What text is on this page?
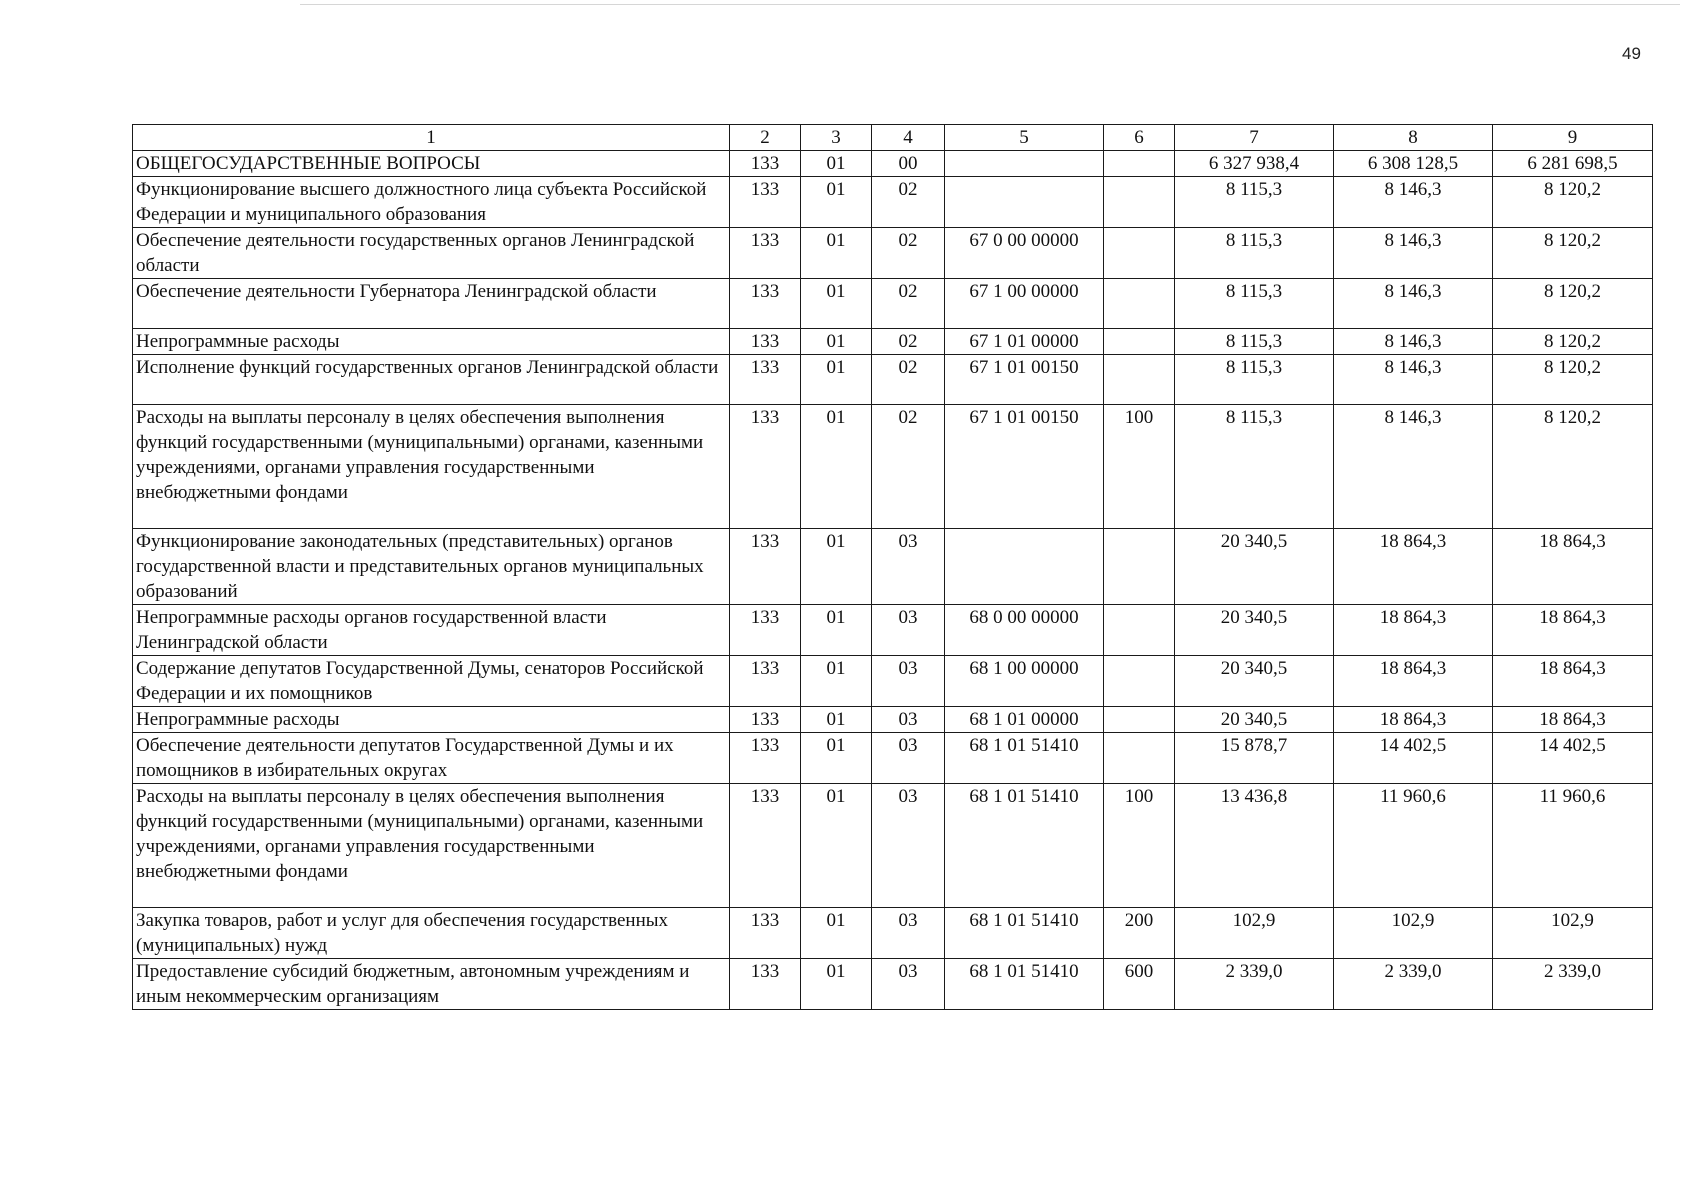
49
1	2	3	4	5	6	7	8	9
ОБЩЕГОСУДАРСТВЕННЫЕ ВОПРОСЫ	133	01	00			6 327 938,4	6 308 128,5	6 281 698,5
Функционирование высшего должностного лица субъекта Российской Федерации и муниципального образования	133	01	02			8 115,3	8 146,3	8 120,2
Обеспечение деятельности государственных органов Ленинградской области	133	01	02	67 0 00 00000		8 115,3	8 146,3	8 120,2
Обеспечение деятельности Губернатора Ленинградской области	133	01	02	67 1 00 00000		8 115,3	8 146,3	8 120,2
Непрограммные расходы	133	01	02	67 1 01 00000		8 115,3	8 146,3	8 120,2
Исполнение функций государственных органов Ленинградской области	133	01	02	67 1 01 00150		8 115,3	8 146,3	8 120,2
Расходы на выплаты персоналу в целях обеспечения выполнения функций государственными (муниципальными) органами, казенными учреждениями, органами управления государственными внебюджетными фондами	133	01	02	67 1 01 00150	100	8 115,3	8 146,3	8 120,2
Функционирование законодательных (представительных) органов государственной власти и представительных органов муниципальных образований	133	01	03			20 340,5	18 864,3	18 864,3
Непрограммные расходы органов государственной власти Ленинградской области	133	01	03	68 0 00 00000		20 340,5	18 864,3	18 864,3
Содержание депутатов Государственной Думы, сенаторов Российской Федерации и их помощников	133	01	03	68 1 00 00000		20 340,5	18 864,3	18 864,3
Непрограммные расходы	133	01	03	68 1 01 00000		20 340,5	18 864,3	18 864,3
Обеспечение деятельности депутатов Государственной Думы и их помощников в избирательных округах	133	01	03	68 1 01 51410		15 878,7	14 402,5	14 402,5
Расходы на выплаты персоналу в целях обеспечения выполнения функций государственными (муниципальными) органами, казенными учреждениями, органами управления государственными внебюджетными фондами	133	01	03	68 1 01 51410	100	13 436,8	11 960,6	11 960,6
Закупка товаров, работ и услуг для обеспечения государственных (муниципальных) нужд	133	01	03	68 1 01 51410	200	102,9	102,9	102,9
Предоставление субсидий бюджетным, автономным учреждениям и иным некоммерческим организациям	133	01	03	68 1 01 51410	600	2 339,0	2 339,0	2 339,0
